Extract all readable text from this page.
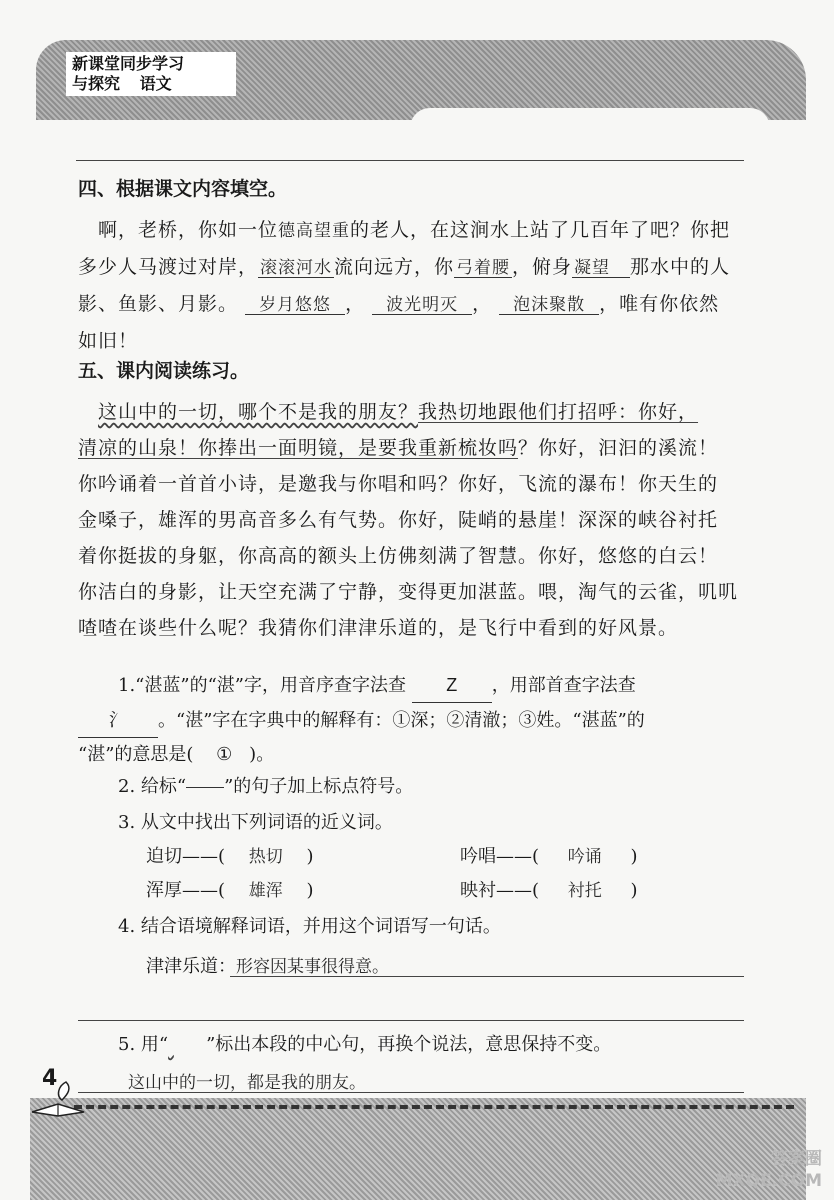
新课堂同步学习
与探究 语文
四、根据课文内容填空。
啊，老桥，你如一位德高望重的老人，在这涧水上站了几百年了吧？你把
多少人马渡过对岸， 滚滚河水 流向远方，你 弓着腰 ，俯身 凝望 那水中的人
影、鱼影、月影。 岁月悠悠 ， 波光明灭 ， 泡沫聚散 ，唯有你依然
如旧！
五、课内阅读练习。
这山中的一切，哪个不是我的朋友？我热切地跟他们打招呼：你好，
清凉的山泉！你捧出一面明镜，是要我重新梳妆吗？你好，汩汩的溪流！
你吟诵着一首首小诗，是邀我与你唱和吗？你好，飞流的瀑布！你天生的
金嗓子，雄浑的男高音多么有气势。你好，陡峭的悬崖！深深的峡谷衬托
着你挺拔的身躯，你高高的额头上仿佛刻满了智慧。你好，悠悠的白云！
你洁白的身影，让天空充满了宁静，变得更加湛蓝。喂，淘气的云雀，叽叽
喳喳在谈些什么呢？我猜你们津津乐道的，是飞行中看到的好风景。
1.“湛蓝”的“湛”字，用音序查字法查 Z ，用部首查字法查
氵 。“湛”字在字典中的解释有：①深；②清澈；③姓。“湛蓝”的
“湛”的意思是( ① )。
2. 给标“ ”的句子加上标点符号。
3. 从文中找出下列词语的近义词。
迫切——( 热切 )	吟唱——( 吟诵 )
浑厚——( 雄浑 )	映衬——( 衬托 )
4. 结合语境解释词语，并用这个词语写一句话。
津津乐道：形容因某事很得意。
5. 用“ ”标出本段的中心句，再换个说法，意思保持不变。
这山中的一切，都是我的朋友。
4
答案圈
MXQE.COM
